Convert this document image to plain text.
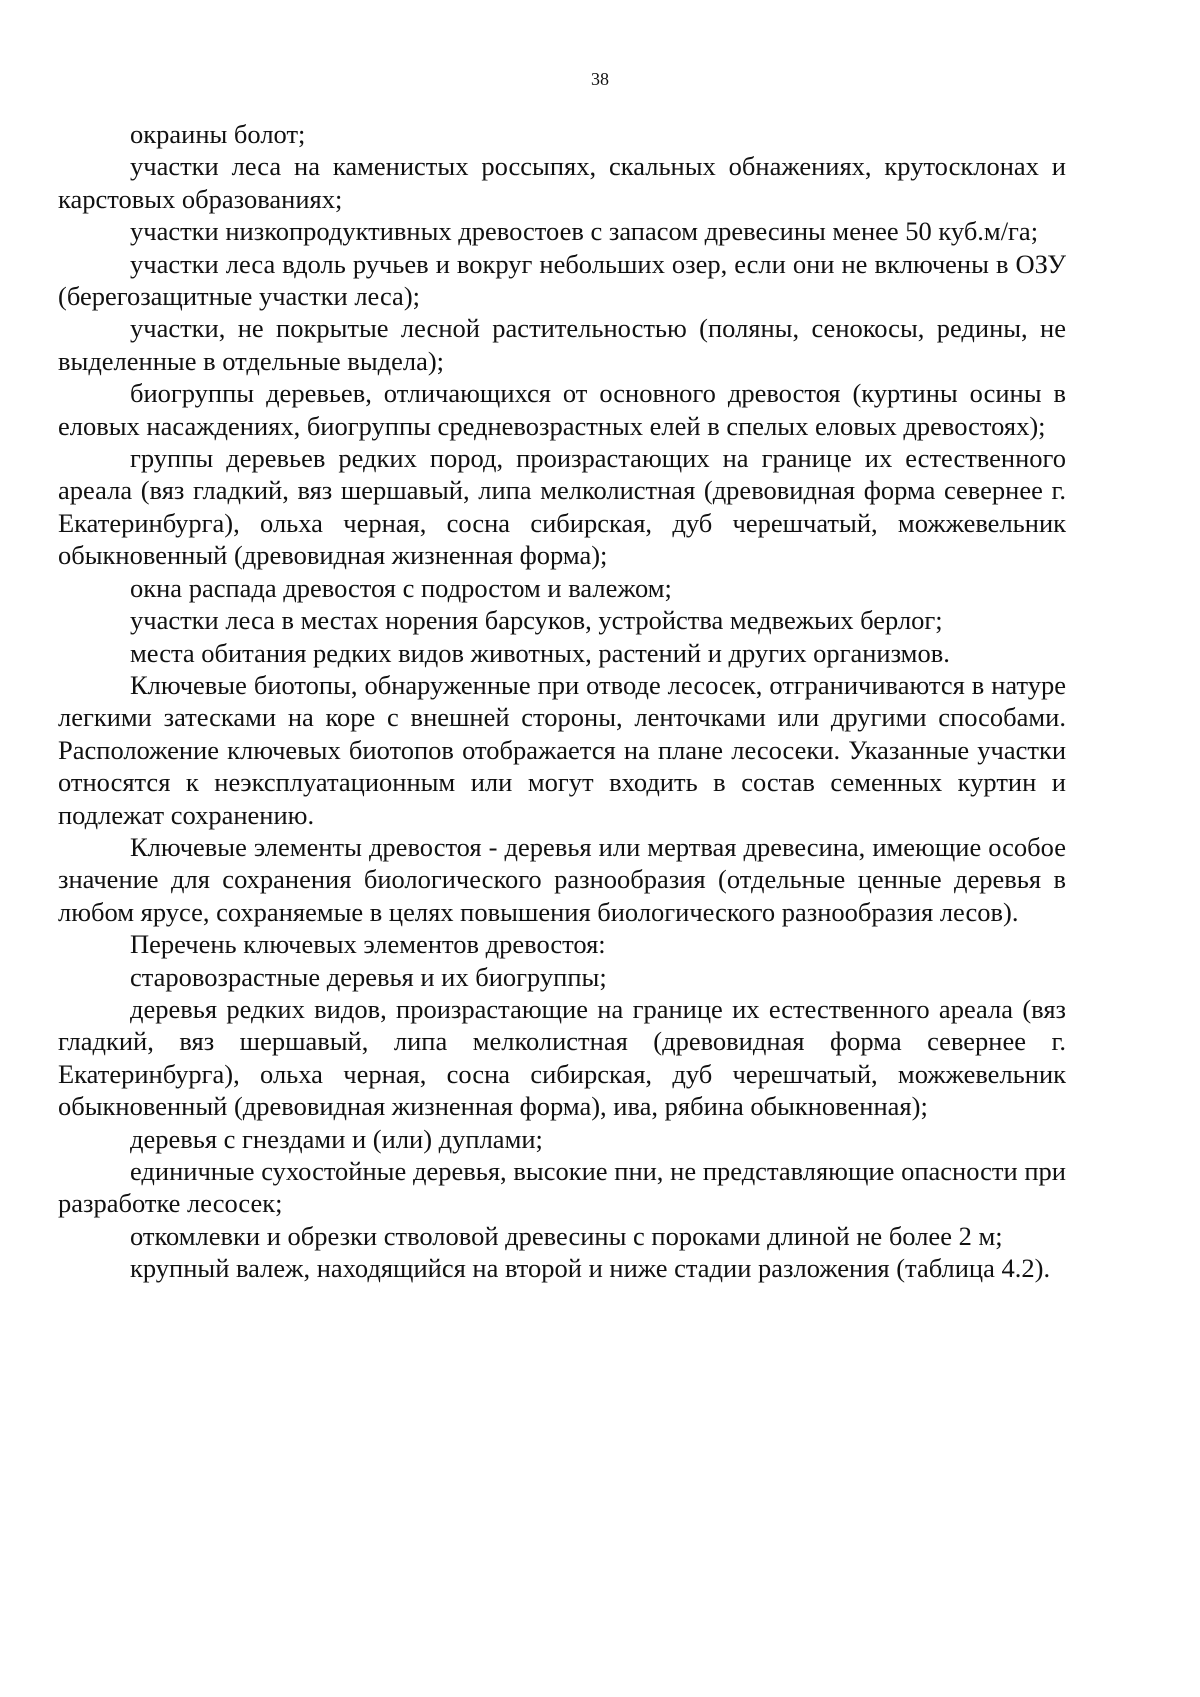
38

окраины болот;

участки леса на каменистых россыпях, скальных обнажениях, крутосклонах и карстовых образованиях;

участки низкопродуктивных древостоев с запасом древесины менее 50 куб.м/га;

участки леса вдоль ручьев и вокруг небольших озер, если они не включены в ОЗУ (берегозащитные участки леса);

участки, не покрытые лесной растительностью (поляны, сенокосы, редины, не выделенные в отдельные выдела);

биогруппы деревьев, отличающихся от основного древостоя (куртины осины в еловых насаждениях, биогруппы средневозрастных елей в спелых еловых древостоях);

группы деревьев редких пород, произрастающих на границе их естественного ареала (вяз гладкий, вяз шершавый, липа мелколистная (древовидная форма севернее г. Екатеринбурга), ольха черная, сосна сибирская, дуб черешчатый, можжевельник обыкновенный (древовидная жизненная форма);

окна распада древостоя с подростом и валежом;

участки леса в местах норения барсуков, устройства медвежьих берлог;

места обитания редких видов животных, растений и других организмов.

Ключевые биотопы, обнаруженные при отводе лесосек, отграничиваются в натуре легкими затесками на коре с внешней стороны, ленточками или другими способами. Расположение ключевых биотопов отображается на плане лесосеки. Указанные участки относятся к неэксплуатационным или могут входить в состав семенных куртин и подлежат сохранению.

Ключевые элементы древостоя - деревья или мертвая древесина, имеющие особое значение для сохранения биологического разнообразия (отдельные ценные деревья в любом ярусе, сохраняемые в целях повышения биологического разнообразия лесов).

Перечень ключевых элементов древостоя:

старовозрастные деревья и их биогруппы;

деревья редких видов, произрастающие на границе их естественного ареала (вяз гладкий, вяз шершавый, липа мелколистная (древовидная форма севернее г. Екатеринбурга), ольха черная, сосна сибирская, дуб черешчатый, можжевельник обыкновенный (древовидная жизненная форма), ива, рябина обыкновенная);

деревья с гнездами и (или) дуплами;

единичные сухостойные деревья, высокие пни, не представляющие опасности при разработке лесосек;

откомлевки и обрезки стволовой древесины с пороками длиной не более 2 м;

крупный валеж, находящийся на второй и ниже стадии разложения (таблица 4.2).
